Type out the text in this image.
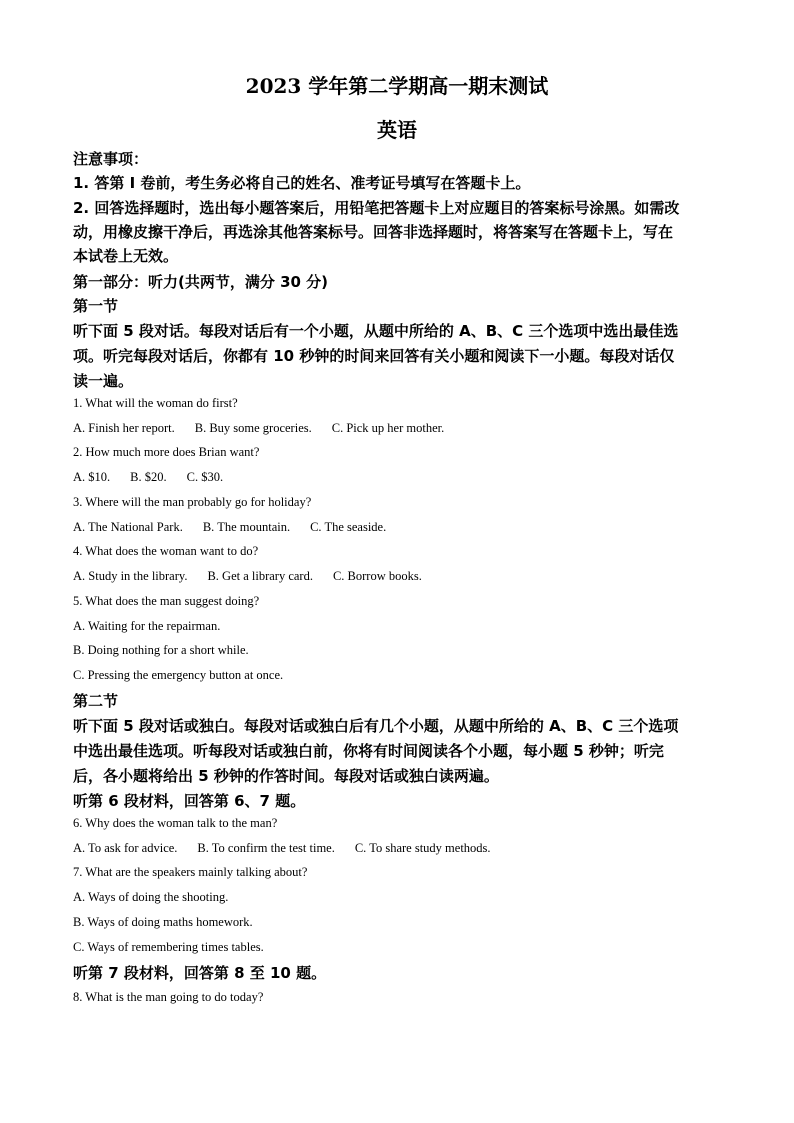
2023 学年第二学期高一期末测试
英语
注意事项：
1. 答第 I 卷前，考生务必将自己的姓名、准考证号填写在答题卡上。
2. 回答选择题时，选出每小题答案后，用铅笔把答题卡上对应题目的答案标号涂黑。如需改
动，用橡皮擦干净后，再选涂其他答案标号。回答非选择题时，将答案写在答题卡上，写在
本试卷上无效。
第一部分：听力(共两节，满分 30 分)
第一节
听下面 5 段对话。每段对话后有一个小题，从题中所给的 A、B、C 三个选项中选出最佳选
项。听完每段对话后，你都有 10 秒钟的时间来回答有关小题和阅读下一小题。每段对话仅
读一遍。
1. What will the woman do first?
A. Finish her report. B. Buy some groceries. C. Pick up her mother.
2. How much more does Brian want?
A. $10. B. $20. C. $30.
3. Where will the man probably go for holiday?
A. The National Park. B. The mountain. C. The seaside.
4. What does the woman want to do?
A. Study in the library. B. Get a library card. C. Borrow books.
5. What does the man suggest doing?
A. Waiting for the repairman.
B. Doing nothing for a short while.
C. Pressing the emergency button at once.
第二节
听下面 5 段对话或独白。每段对话或独白后有几个小题，从题中所给的 A、B、C 三个选项
中选出最佳选项。听每段对话或独白前，你将有时间阅读各个小题，每小题 5 秒钟；听完
后，各小题将给出 5 秒钟的作答时间。每段对话或独白读两遍。
听第 6 段材料，回答第 6、7 题。
6. Why does the woman talk to the man?
A. To ask for advice. B. To confirm the test time. C. To share study methods.
7. What are the speakers mainly talking about?
A. Ways of doing the shooting.
B. Ways of doing maths homework.
C. Ways of remembering times tables.
听第 7 段材料，回答第 8 至 10 题。
8. What is the man going to do today?
